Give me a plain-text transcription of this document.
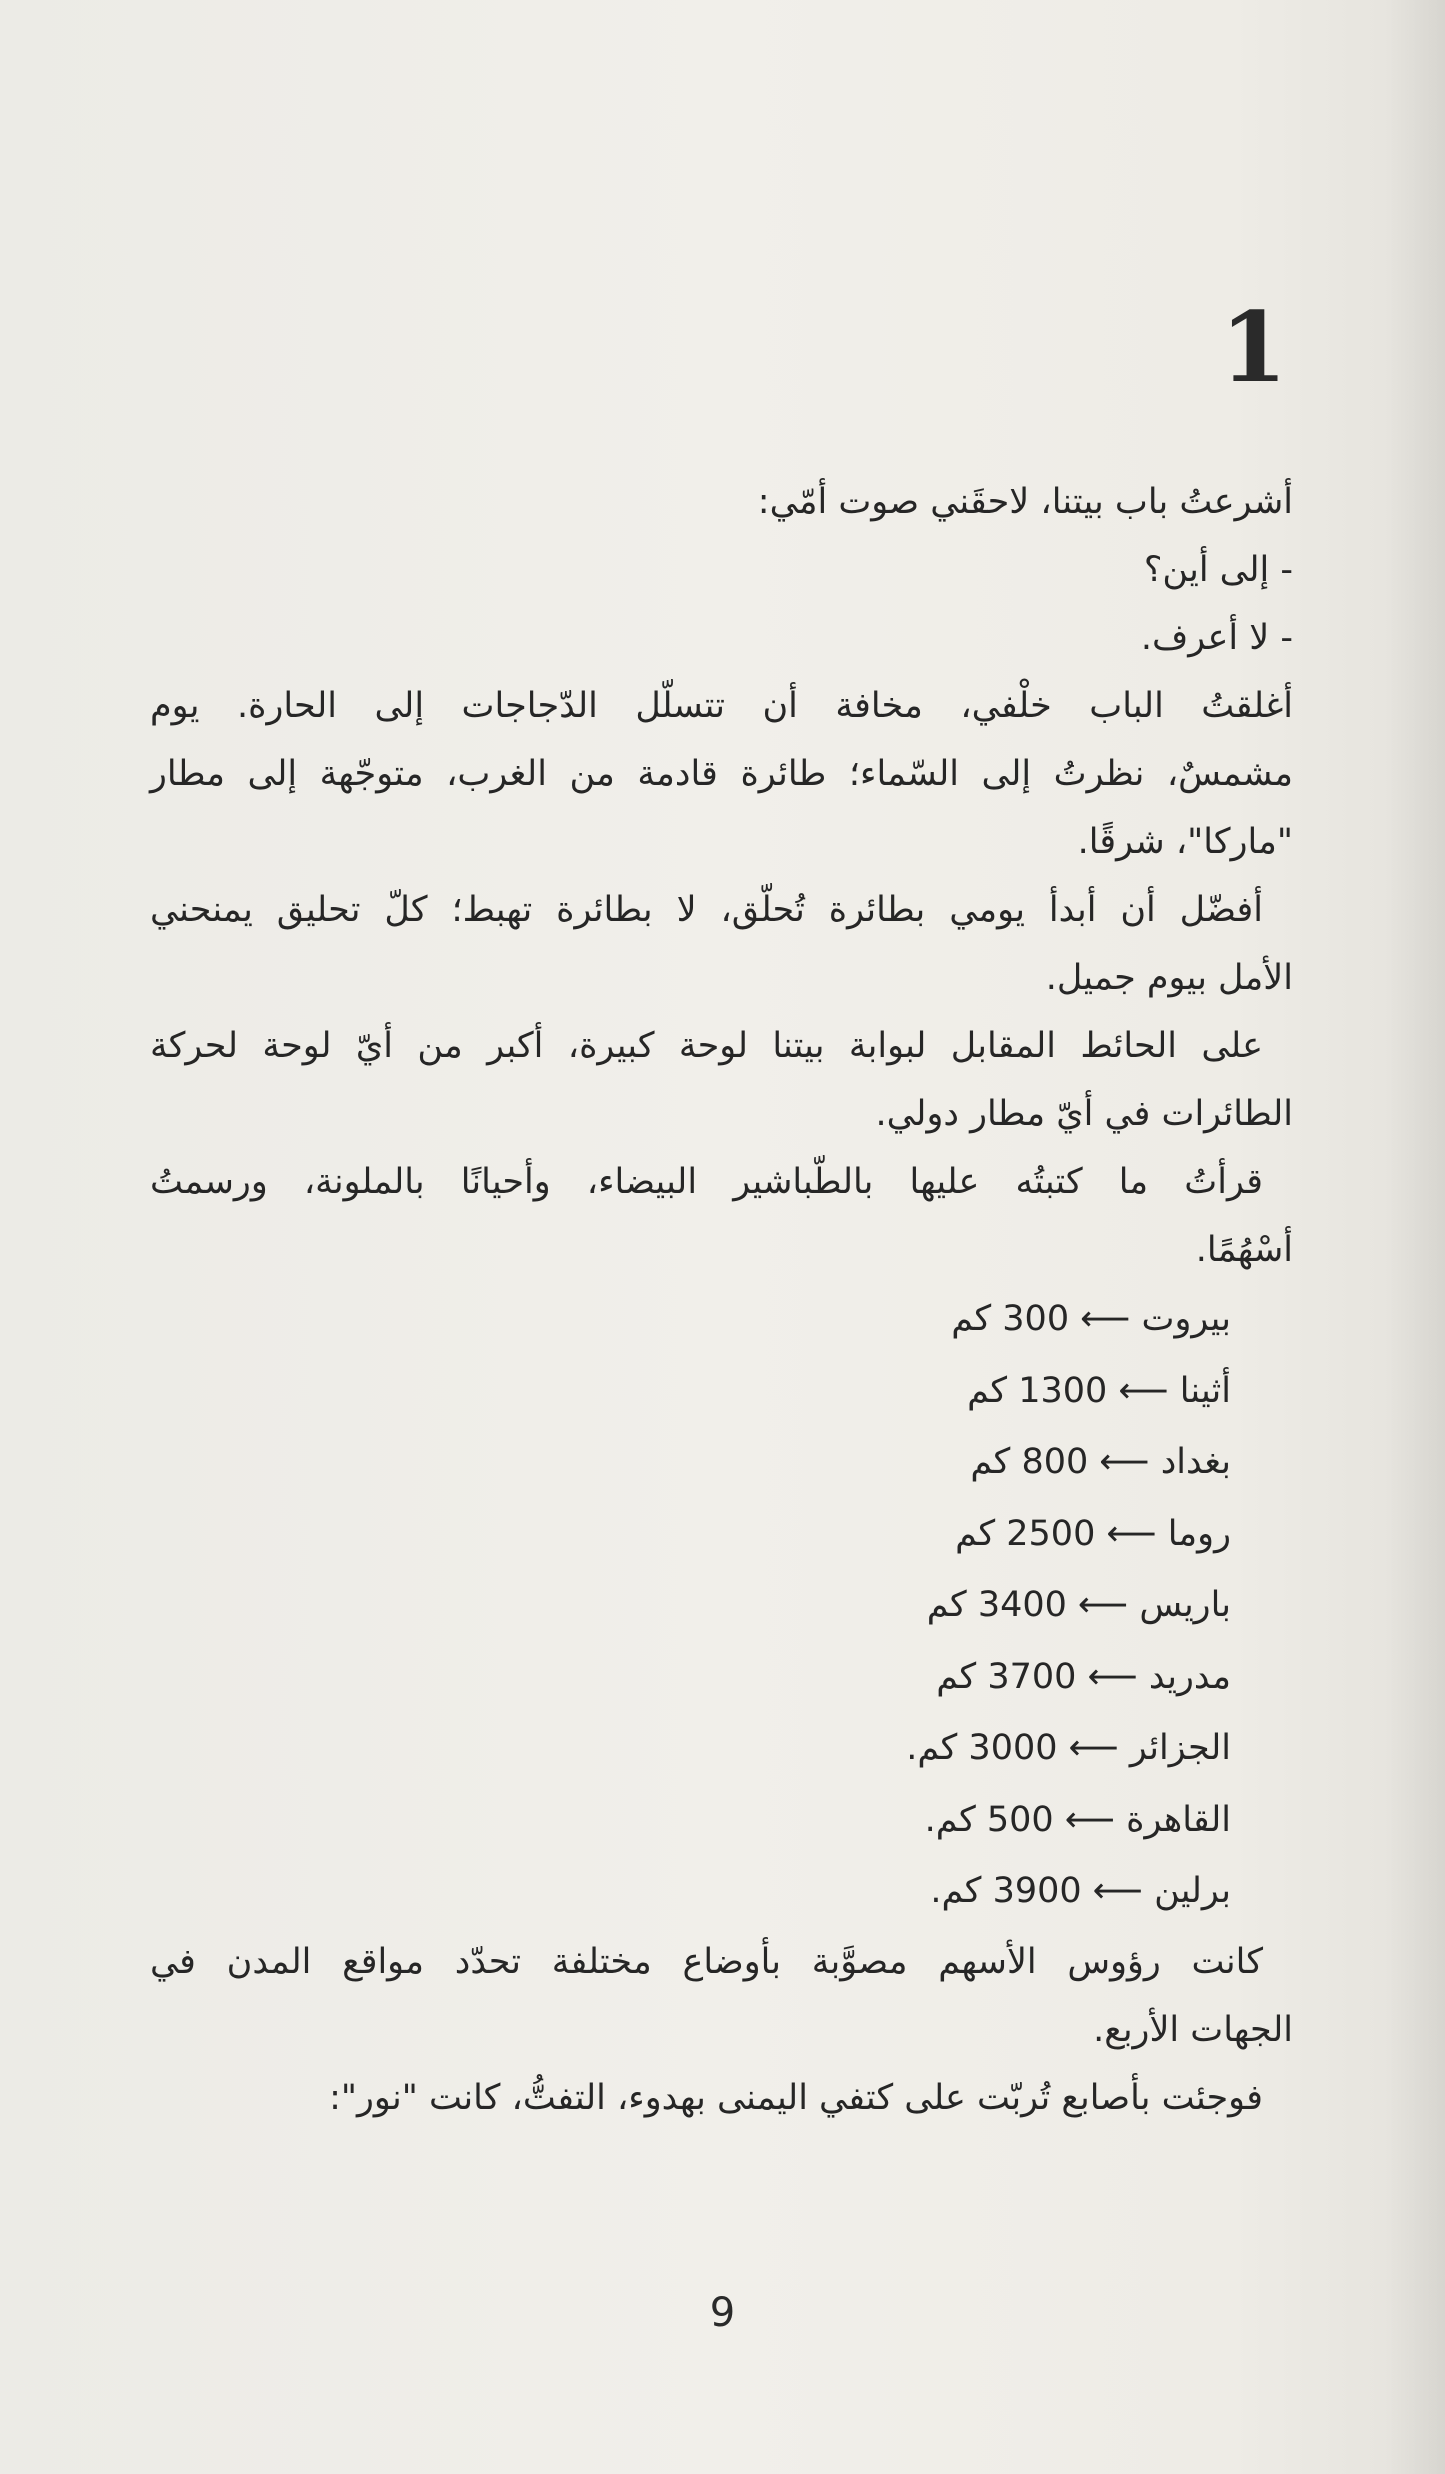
1
أشرعتُ باب بيتنا، لاحقَني صوت أمّي:
- إلى أين؟
- لا أعرف.
أغلقتُ الباب خلْفي، مخافة أن تتسلّل الدّجاجات إلى الحارة. يوم
مشمسٌ، نظرتُ إلى السّماء؛ طائرة قادمة من الغرب، متوجّهة إلى مطار
"ماركا"، شرقًا.
أفضّل أن أبدأ يومي بطائرة تُحلّق، لا بطائرة تهبط؛ كلّ تحليق يمنحني
الأمل بيوم جميل.
على الحائط المقابل لبوابة بيتنا لوحة كبيرة، أكبر من أيّ لوحة لحركة
الطائرات في أيّ مطار دولي.
قرأتُ ما كتبتُه عليها بالطّباشير البيضاء، وأحيانًا بالملونة، ورسمتُ
أسْهُمًا.
بيروت ⟵ 300 كم
أثينا ⟵ 1300 كم
بغداد ⟵ 800 كم
روما ⟵ 2500 كم
باريس ⟵ 3400 كم
مدريد ⟵ 3700 كم
الجزائر ⟵ 3000 كم.
القاهرة ⟵ 500 كم.
برلين ⟵ 3900 كم.
كانت رؤوس الأسهم مصوَّبة بأوضاع مختلفة تحدّد مواقع المدن في
الجهات الأربع.
فوجئت بأصابع تُربّت على كتفي اليمنى بهدوء، التفتُّ، كانت "نور":

9
